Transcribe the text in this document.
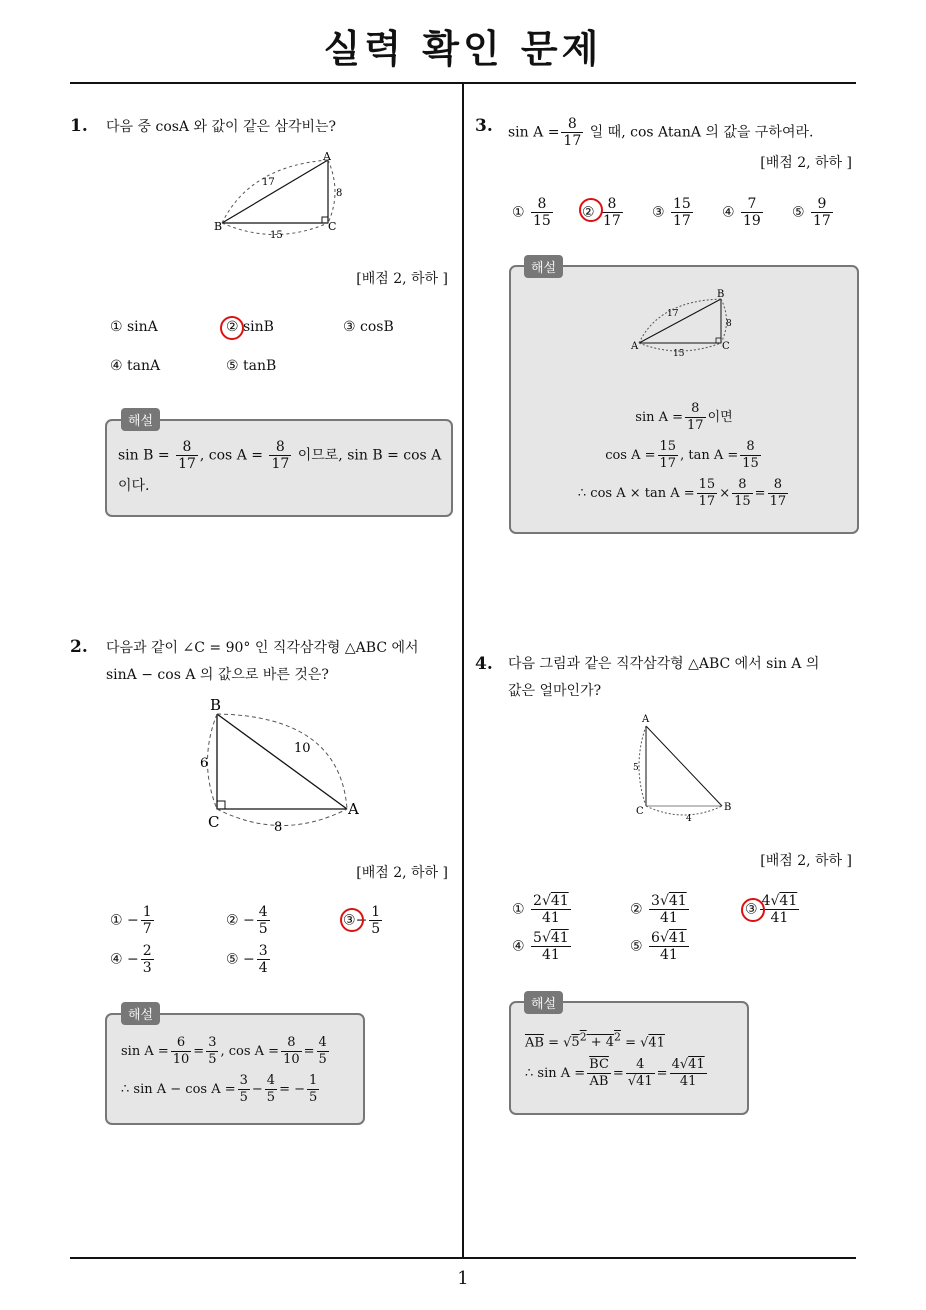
실력 확인 문제
1
1. 다음 중 cosA 와 값이 같은 삼각비는?
A
B	C
17
8
15
[배점 2, 하하 ]
① sinA	② sinB	③ cosB
④ tanA	⑤ tanB
$\sin B = \frac{8}{17}$ , $\cos A = \frac{8}{17}$ 이므로, sin B = cos A
이다.
해설
2. 다음과 같이 ∠C = 90° 인 직각삼각형 △ABC 에서
sinA − cos A 의 값으로 바른 것은?
B
C
A
10
6
8
[배점 2, 하하 ]
① − $\frac{1}{7}$	② − $\frac{4}{5}$	③− $\frac{1}{5}$
④ − $\frac{2}{3}$	⑤ − $\frac{3}{4}$
$\sin A = \frac{6}{10} = \frac{3}{5}$ , $\cos A = \frac{8}{10} = \frac{4}{5}$
∴ $\sin A - \cos A = \frac{3}{5} - \frac{4}{5}$ = − $\frac{1}{5}$
해설
3. $\sin A = \frac{8}{17}$ 일 때, cos AtanA 의 값을 구하여라.
[배점 2, 하하 ]
① $\frac{8}{15}$ ② $\frac{8}{17}$ ③ $\frac{15}{17}$ ④ $\frac{7}{19}$ ⑤ $\frac{9}{17}$
B
A	C
17
8
15
$\sin A = \frac{8}{17}$ 이면
$\cos A = \frac{15}{17}$ , $\tan A = \frac{8}{15}$
∴ $\cos A \times \tan A = \frac{15}{17} \times \frac{8}{15} = \frac{8}{17}$
해설
4. 다음 그림과 같은 직각삼각형 △ABC 에서 sin A 의
값은 얼마인가?
A
B
C
5
4
[배점 2, 하하 ]
① $\frac{2√41}{41}$	② $\frac{3√41}{41}$	③ $\frac{4√41}{41}$
④ $\frac{5√41}{41}$	⑤ $\frac{6√41}{41}$
$\overline{AB} = √5^2 + 4^2 = √41$
∴ $\sin A = \frac{\overline{BC}}{AB} = \frac{4}{√41} = \frac{4√41}{41}$
해설
